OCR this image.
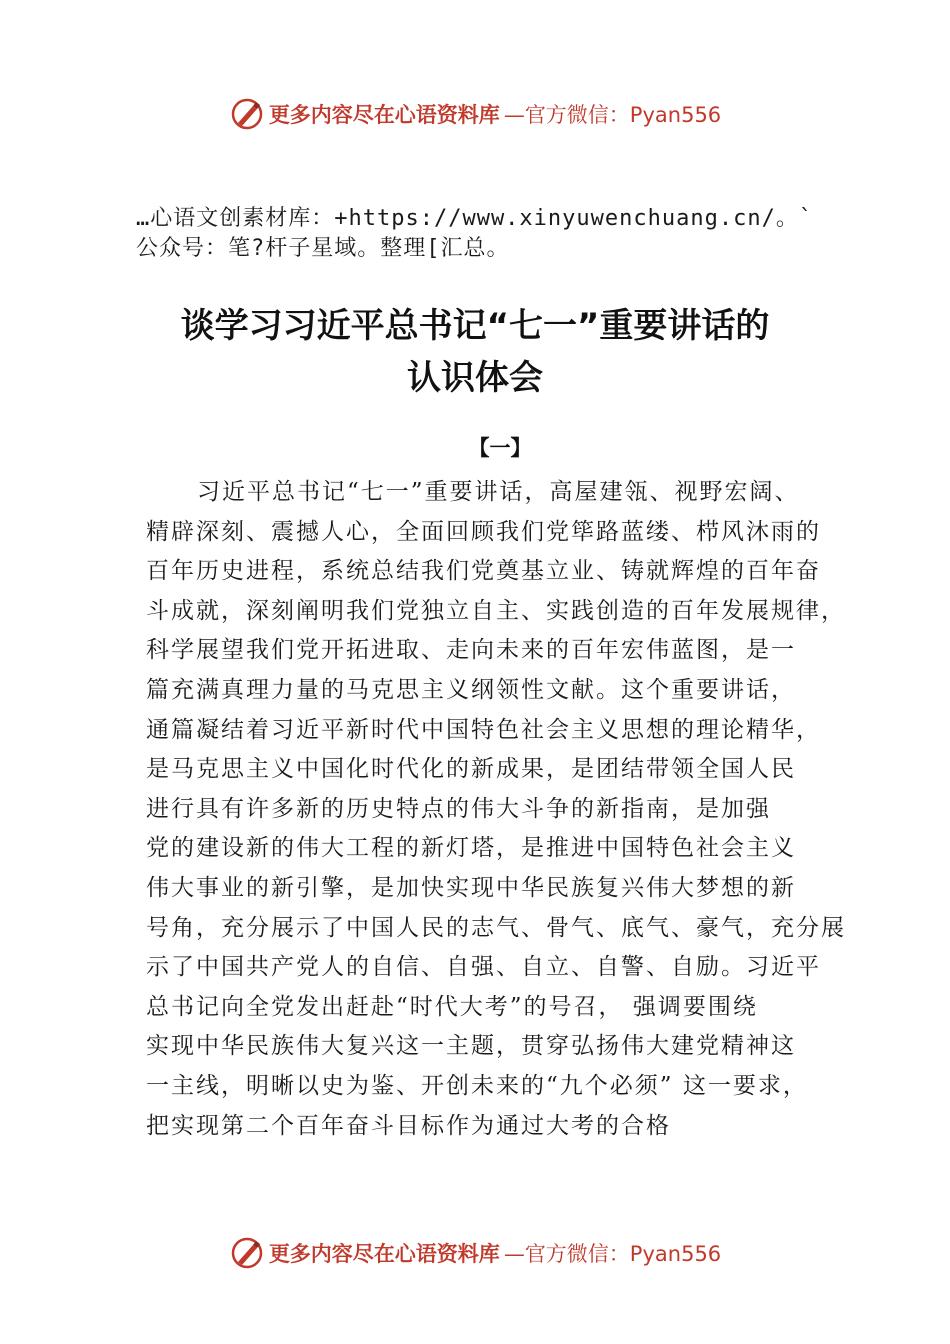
更多内容尽在心语资料库 —官方微信：Pyan556
…心语文创素材库：+https://www.xinyuwenchuang.cn/。`公众号：笔?杆子星域。整理[汇总。
谈学习习近平总书记“七一”重要讲话的
认识体会
【一】
习近平总书记“七一”重要讲话，高屋建瓴、视野宏阔、
精辟深刻、震撼人心，全面回顾我们党筚路蓝缕、栉风沐雨的
百年历史进程，系统总结我们党奠基立业、铸就辉煌的百年奋
斗成就，深刻阐明我们党独立自主、实践创造的百年发展规律，
科学展望我们党开拓进取、走向未来的百年宏伟蓝图，是一
篇充满真理力量的马克思主义纲领性文献。这个重要讲话，
通篇凝结着习近平新时代中国特色社会主义思想的理论精华，
是马克思主义中国化时代化的新成果，是团结带领全国人民
进行具有许多新的历史特点的伟大斗争的新指南，是加强
党的建设新的伟大工程的新灯塔，是推进中国特色社会主义
伟大事业的新引擎，是加快实现中华民族复兴伟大梦想的新
号角，充分展示了中国人民的志气、骨气、底气、豪气，充分展
示了中国共产党人的自信、自强、自立、自警、自励。习近平
总书记向全党发出赶赴“时代大考”的号召， 强调要围绕
实现中华民族伟大复兴这一主题，贯穿弘扬伟大建党精神这
一主线，明晰以史为鉴、开创未来的“九个必须” 这一要求，
把实现第二个百年奋斗目标作为通过大考的合格
更多内容尽在心语资料库 —官方微信：Pyan556
